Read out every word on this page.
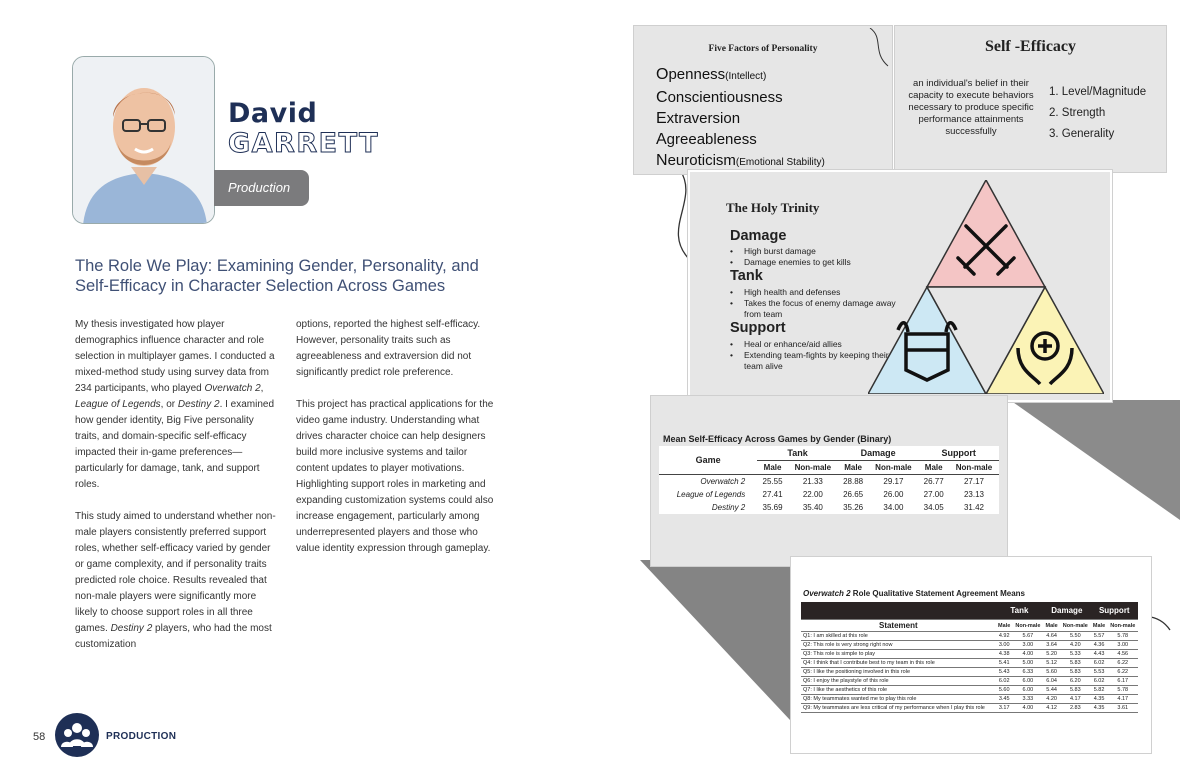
David
GARRETT
Production
The Role We Play: Examining Gender, Personality, and Self-Efficacy in Character Selection Across Games

My thesis investigated how player demographics influence character and role selection in multiplayer games. I conducted a mixed-method study using survey data from 234 participants, who played Overwatch 2, League of Legends, or Destiny 2. I examined how gender identity, Big Five personality traits, and domain-specific self-efficacy impacted their in-game preferences—particularly for damage, tank, and support roles.

This study aimed to understand whether non-male players consistently preferred support roles, whether self-efficacy varied by gender or game complexity, and if personality traits predicted role choice. Results revealed that non-male players were significantly more likely to choose support roles in all three games. Destiny 2 players, who had the most customization

options, reported the highest self-efficacy. However, personality traits such as agreeableness and extraversion did not significantly predict role preference.

This project has practical applications for the video game industry. Understanding what drives character choice can help designers build more inclusive systems and tailor content updates to player motivations. Highlighting support roles in marketing and expanding customization systems could also increase engagement, particularly among underrepresented players and those who value identity expression through gameplay.

58	PRODUCTION
Five Factors of Personality
Openness(Intellect)
Conscientiousness
Extraversion
Agreeableness
Neuroticism(Emotional Stability)
Self -Efficacy
an individual's belief in their capacity to execute behaviors necessary to produce specific performance attainments successfully
1. Level/Magnitude
2. Strength
3. Generality
The Holy Trinity
Damage
• High burst damage
• Damage enemies to get kills
Tank
• High health and defenses
• Takes the focus of enemy damage away from team
Support
• Heal or enhance/aid allies
• Extending team-fights by keeping their team alive
Mean Self-Efficacy Across Games by Gender (Binary)
Game	Tank		Damage		Support	
	Male	Non-male	Male	Non-male	Male	Non-male
Overwatch 2	25.55	21.33	28.88	29.17	26.77	27.17
League of Legends	27.41	22.00	26.65	26.00	27.00	23.13
Destiny 2	35.69	35.40	35.26	34.00	34.05	31.42
Overwatch 2 Role Qualitative Statement Agreement Means
	Tank		Damage		Support	
Statement	Male	Non-male	Male	Non-male	Male	Non-male
Q1: I am skilled at this role	4.92	5.67	4.64	5.50	5.57	5.78
Q2: This role is very strong right now	3.00	3.00	3.64	4.20	4.36	3.00
Q3: This role is simple to play	4.38	4.00	5.20	5.33	4.43	4.56
Q4: I think that I contribute best to my team in this role	5.41	5.00	5.12	5.83	6.02	6.22
Q5: I like the positioning involved in this role	5.43	6.33	5.60	5.83	5.53	6.22
Q6: I enjoy the playstyle of this role	6.02	6.00	6.04	6.20	6.02	6.17
Q7: I like the aesthetics of this role	5.60	6.00	5.44	5.83	5.82	5.78
Q8: My teammates wanted me to play this role	3.45	3.33	4.20	4.17	4.35	4.17
Q9: My teammates are less critical of my performance when I play this role	3.17	4.00	4.12	2.83	4.35	3.61
